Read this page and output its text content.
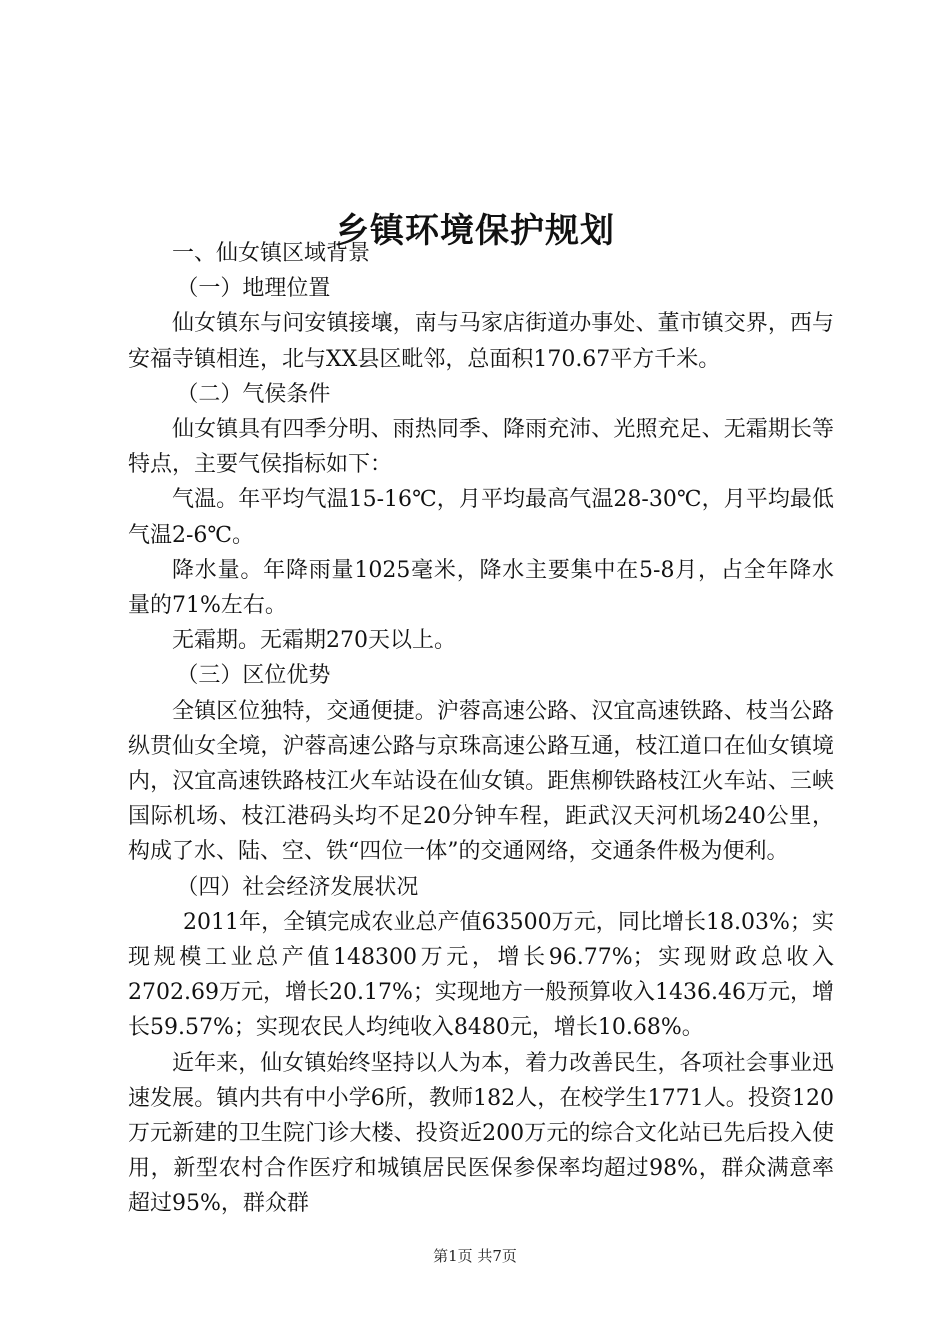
乡镇环境保护规划

一、仙女镇区域背景

（一）地理位置

仙女镇东与问安镇接壤，南与马家店街道办事处、董市镇交界，西与安福寺镇相连，北与XX县区毗邻，总面积170.67平方千米。

（二）气侯条件

仙女镇具有四季分明、雨热同季、降雨充沛、光照充足、无霜期长等特点，主要气侯指标如下：

气温。年平均气温15-16℃，月平均最高气温28-30℃，月平均最低气温2-6℃。

降水量。年降雨量1025毫米，降水主要集中在5-8月，占全年降水量的71%左右。

无霜期。无霜期270天以上。

（三）区位优势

全镇区位独特，交通便捷。沪蓉高速公路、汉宜高速铁路、枝当公路纵贯仙女全境，沪蓉高速公路与京珠高速公路互通，枝江道口在仙女镇境内，汉宜高速铁路枝江火车站设在仙女镇。距焦柳铁路枝江火车站、三峡国际机场、枝江港码头均不足20分钟车程，距武汉天河机场240公里，构成了水、陆、空、铁“四位一体”的交通网络，交通条件极为便利。

（四）社会经济发展状况

2011年，全镇完成农业总产值63500万元，同比增长18.03%；实现规模工业总产值148300万元，增长96.77%；实现财政总收入2702.69万元，增长20.17%；实现地方一般预算收入1436.46万元，增长59.57%；实现农民人均纯收入8480元，增长10.68%。

近年来，仙女镇始终坚持以人为本，着力改善民生，各项社会事业迅速发展。镇内共有中小学6所，教师182人，在校学生1771人。投资120万元新建的卫生院门诊大楼、投资近200万元的综合文化站已先后投入使用，新型农村合作医疗和城镇居民医保参保率均超过98%，群众满意率超过95%，群众群

第1页 共7页
